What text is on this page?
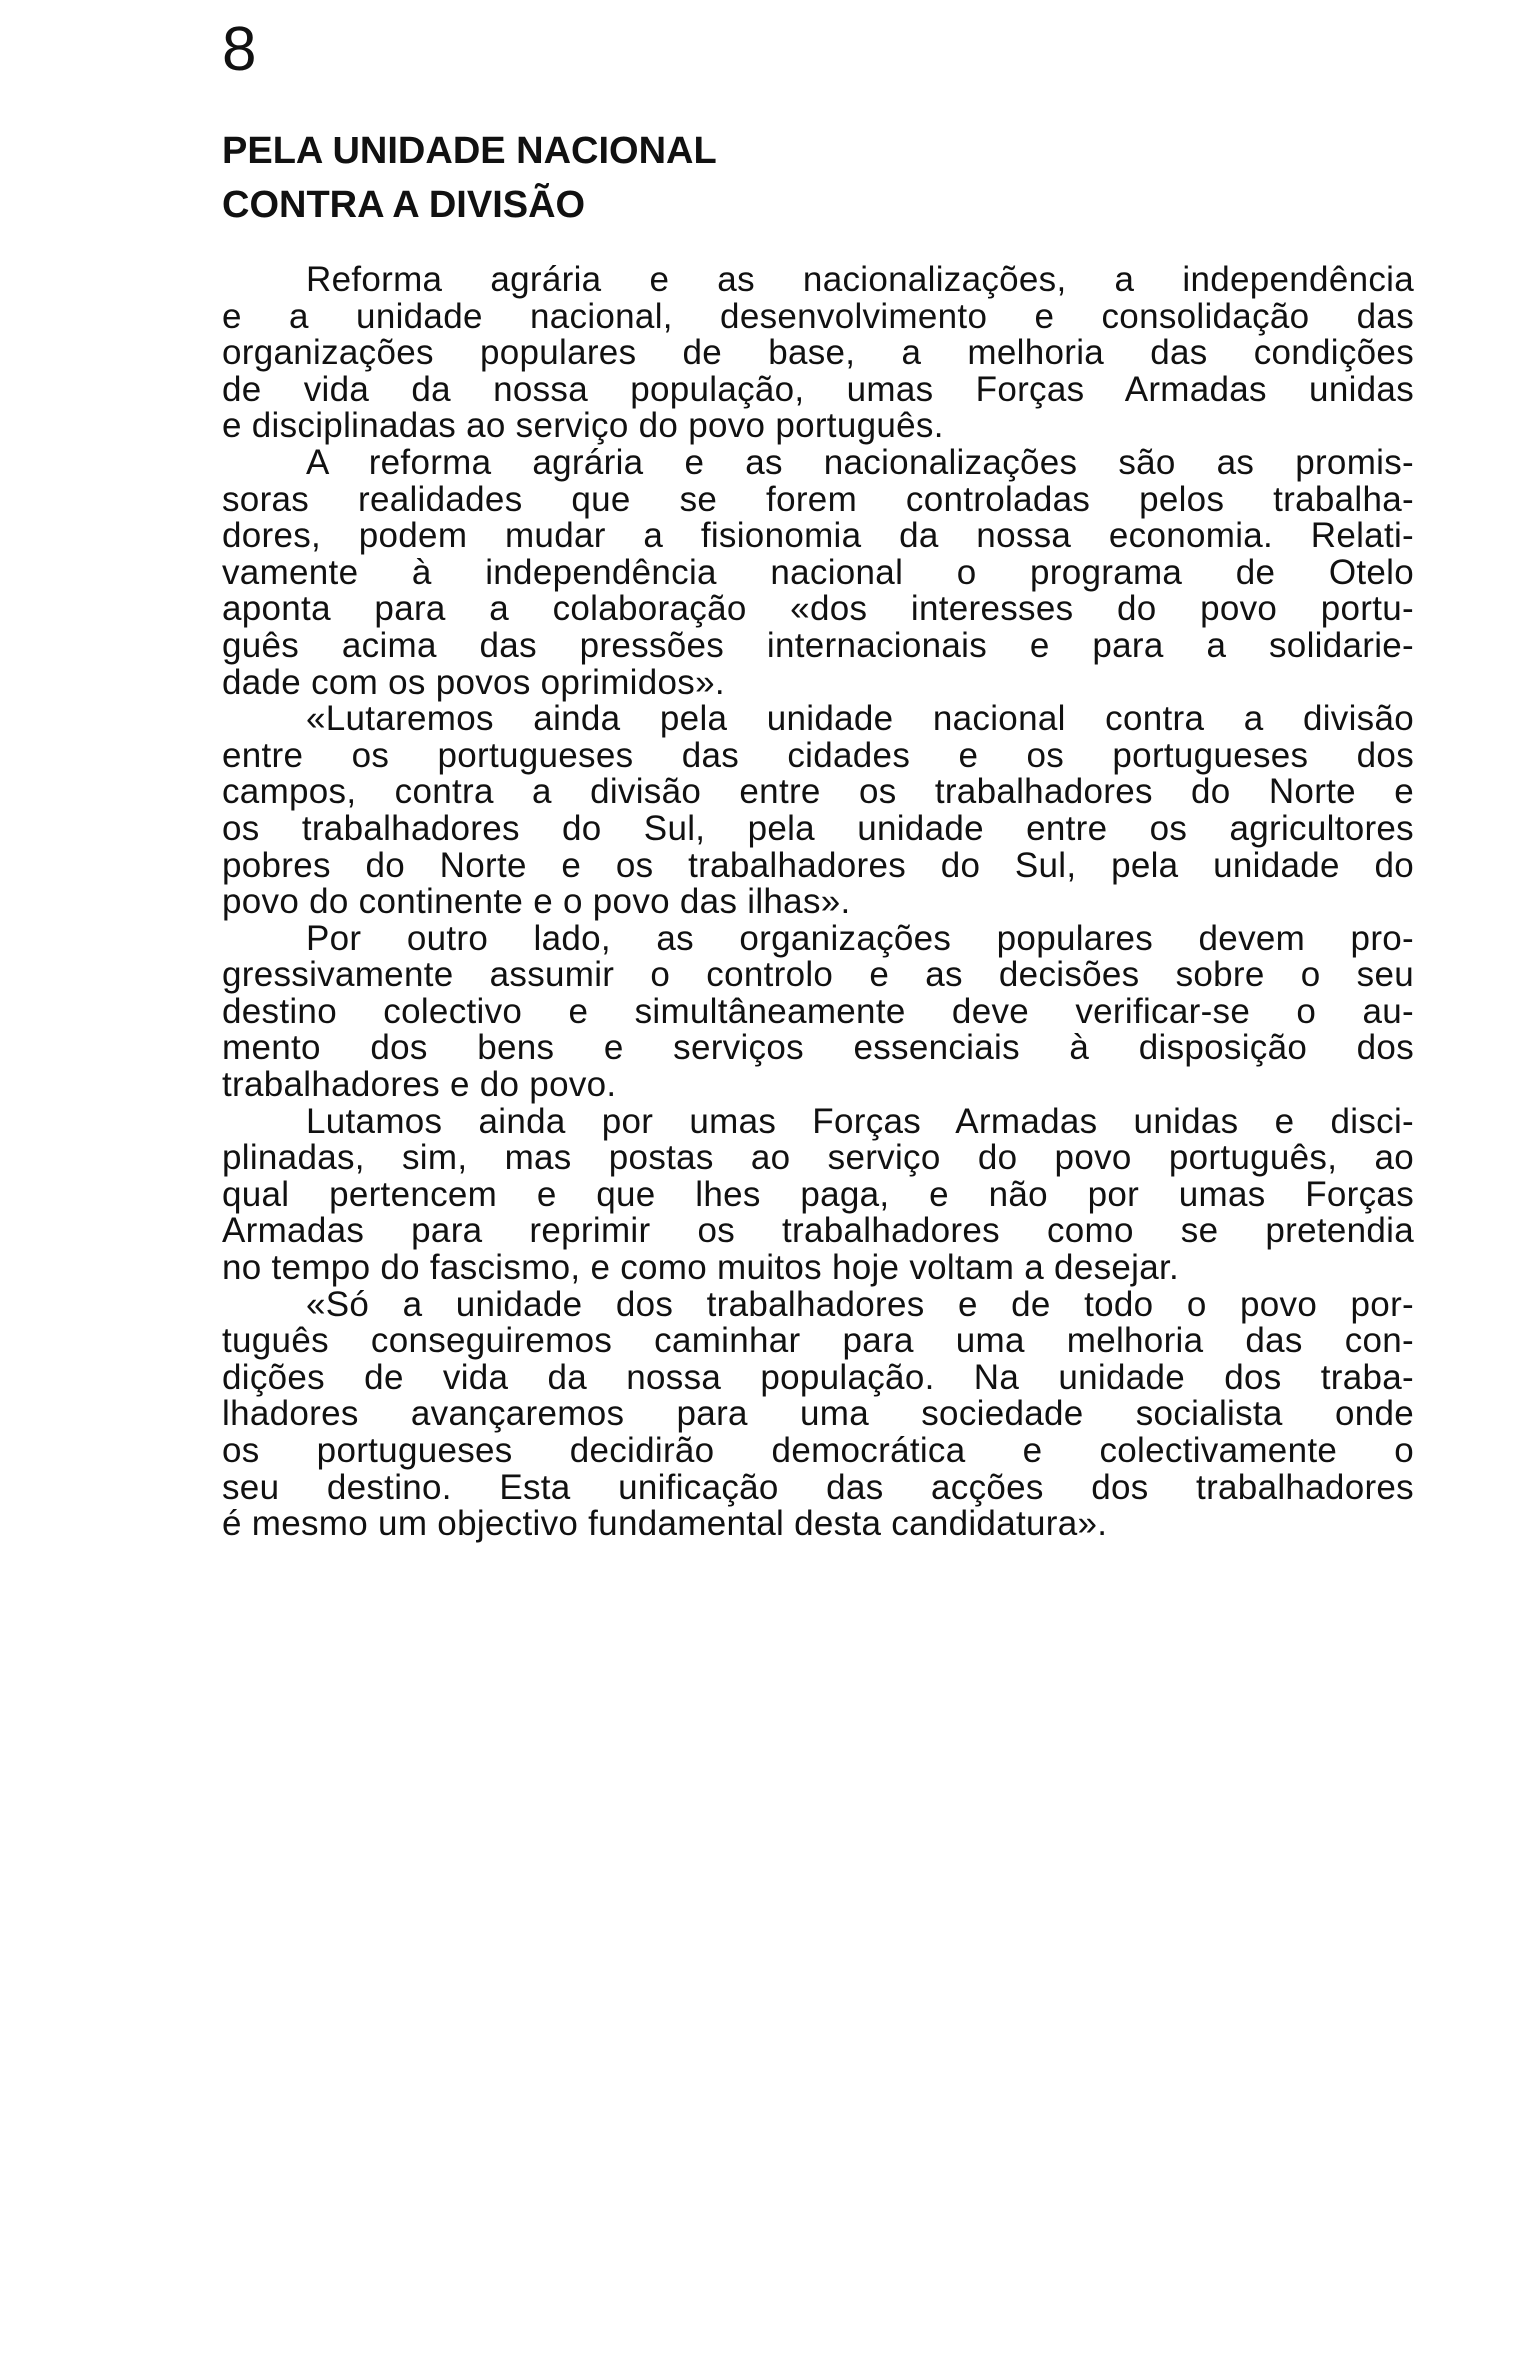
8
PELA UNIDADE NACIONAL
CONTRA A DIVISÃO
Reforma agrária e as nacionalizações, a independência
e a unidade nacional, desenvolvimento e consolidação das
organizações populares de base, a melhoria das condições
de vida da nossa população, umas Forças Armadas unidas
e disciplinadas ao serviço do povo português.
A reforma agrária e as nacionalizações são as promis-
soras realidades que se forem controladas pelos trabalha-
dores, podem mudar a fisionomia da nossa economia. Relati-
vamente à independência nacional o programa de Otelo
aponta para a colaboração «dos interesses do povo portu-
guês acima das pressões internacionais e para a solidarie-
dade com os povos oprimidos».
«Lutaremos ainda pela unidade nacional contra a divisão
entre os portugueses das cidades e os portugueses dos
campos, contra a divisão entre os trabalhadores do Norte e
os trabalhadores do Sul, pela unidade entre os agricultores
pobres do Norte e os trabalhadores do Sul, pela unidade do
povo do continente e o povo das ilhas».
Por outro lado, as organizações populares devem pro-
gressivamente assumir o controlo e as decisões sobre o seu
destino colectivo e simultâneamente deve verificar-se o au-
mento dos bens e serviços essenciais à disposição dos
trabalhadores e do povo.
Lutamos ainda por umas Forças Armadas unidas e disci-
plinadas, sim, mas postas ao serviço do povo português, ao
qual pertencem e que lhes paga, e não por umas Forças
Armadas para reprimir os trabalhadores como se pretendia
no tempo do fascismo, e como muitos hoje voltam a desejar.
«Só a unidade dos trabalhadores e de todo o povo por-
tuguês conseguiremos caminhar para uma melhoria das con-
dições de vida da nossa população. Na unidade dos traba-
lhadores avançaremos para uma sociedade socialista onde
os portugueses decidirão democrática e colectivamente o
seu destino. Esta unificação das acções dos trabalhadores
é mesmo um objectivo fundamental desta candidatura».
